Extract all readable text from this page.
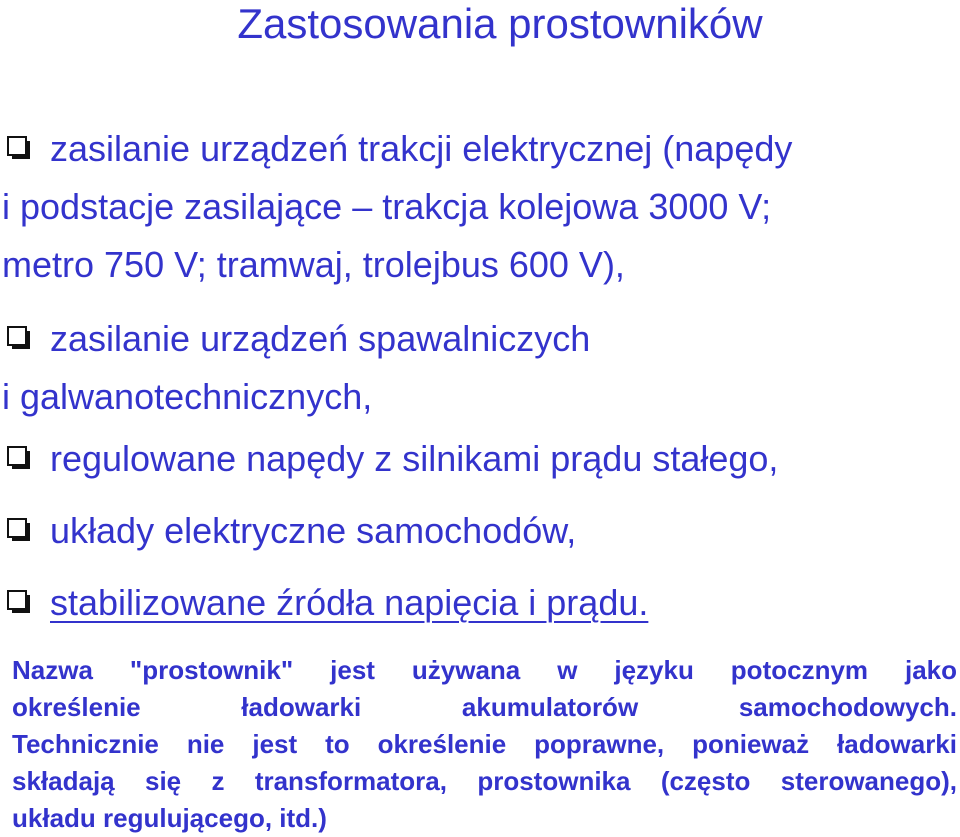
Zastosowania prostowników
zasilanie urządzeń trakcji elektrycznej (napędy
i podstacje zasilające – trakcja kolejowa 3000 V;
metro 750 V; tramwaj, trolejbus 600 V),
zasilanie urządzeń spawalniczych
i galwanotechnicznych,
regulowane napędy z silnikami prądu stałego,
układy elektryczne samochodów,
stabilizowane źródła napięcia i prądu.
Nazwa "prostownik" jest używana w języku potocznym jako
określenie ładowarki akumulatorów samochodowych.
Technicznie nie jest to określenie poprawne, ponieważ ładowarki
składają się z transformatora, prostownika (często sterowanego),
układu regulującego, itd.)
